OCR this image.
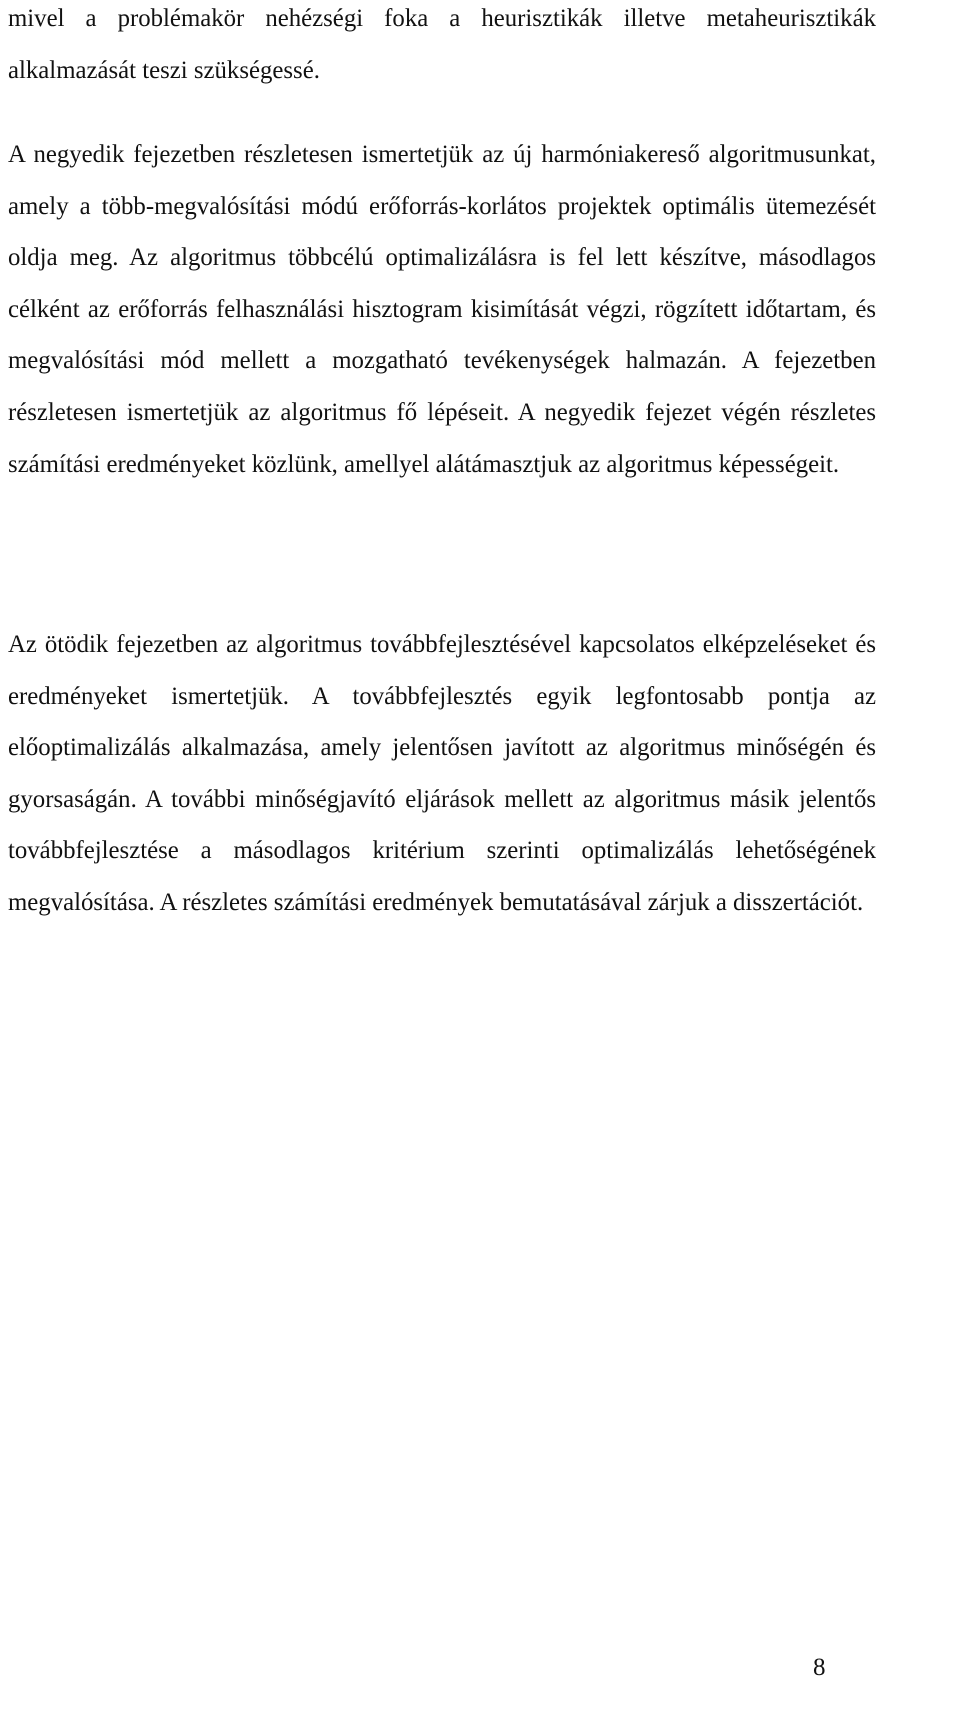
mivel a problémakör nehézségi foka a heurisztikák illetve metaheurisztikák alkalmazását teszi szükségessé.

A negyedik fejezetben részletesen ismertetjük az új harmóniakereső algoritmusunkat, amely a több-megvalósítási módú erőforrás-korlátos projektek optimális ütemezését oldja meg. Az algoritmus többcélú optimalizálásra is fel lett készítve, másodlagos célként az erőforrás felhasználási hisztogram kisimítását végzi, rögzített időtartam, és megvalósítási mód mellett a mozgatható tevékenységek halmazán. A fejezetben részletesen ismertetjük az algoritmus fő lépéseit. A negyedik fejezet végén részletes számítási eredményeket közlünk, amellyel alátámasztjuk az algoritmus képességeit.

Az ötödik fejezetben az algoritmus továbbfejlesztésével kapcsolatos elképzeléseket és eredményeket ismertetjük. A továbbfejlesztés egyik legfontosabb pontja az előoptimalizálás alkalmazása, amely jelentősen javított az algoritmus minőségén és gyorsaságán. A további minőségjavító eljárások mellett az algoritmus másik jelentős továbbfejlesztése a másodlagos kritérium szerinti optimalizálás lehetőségének megvalósítása. A részletes számítási eredmények bemutatásával zárjuk a disszertációt.

8
